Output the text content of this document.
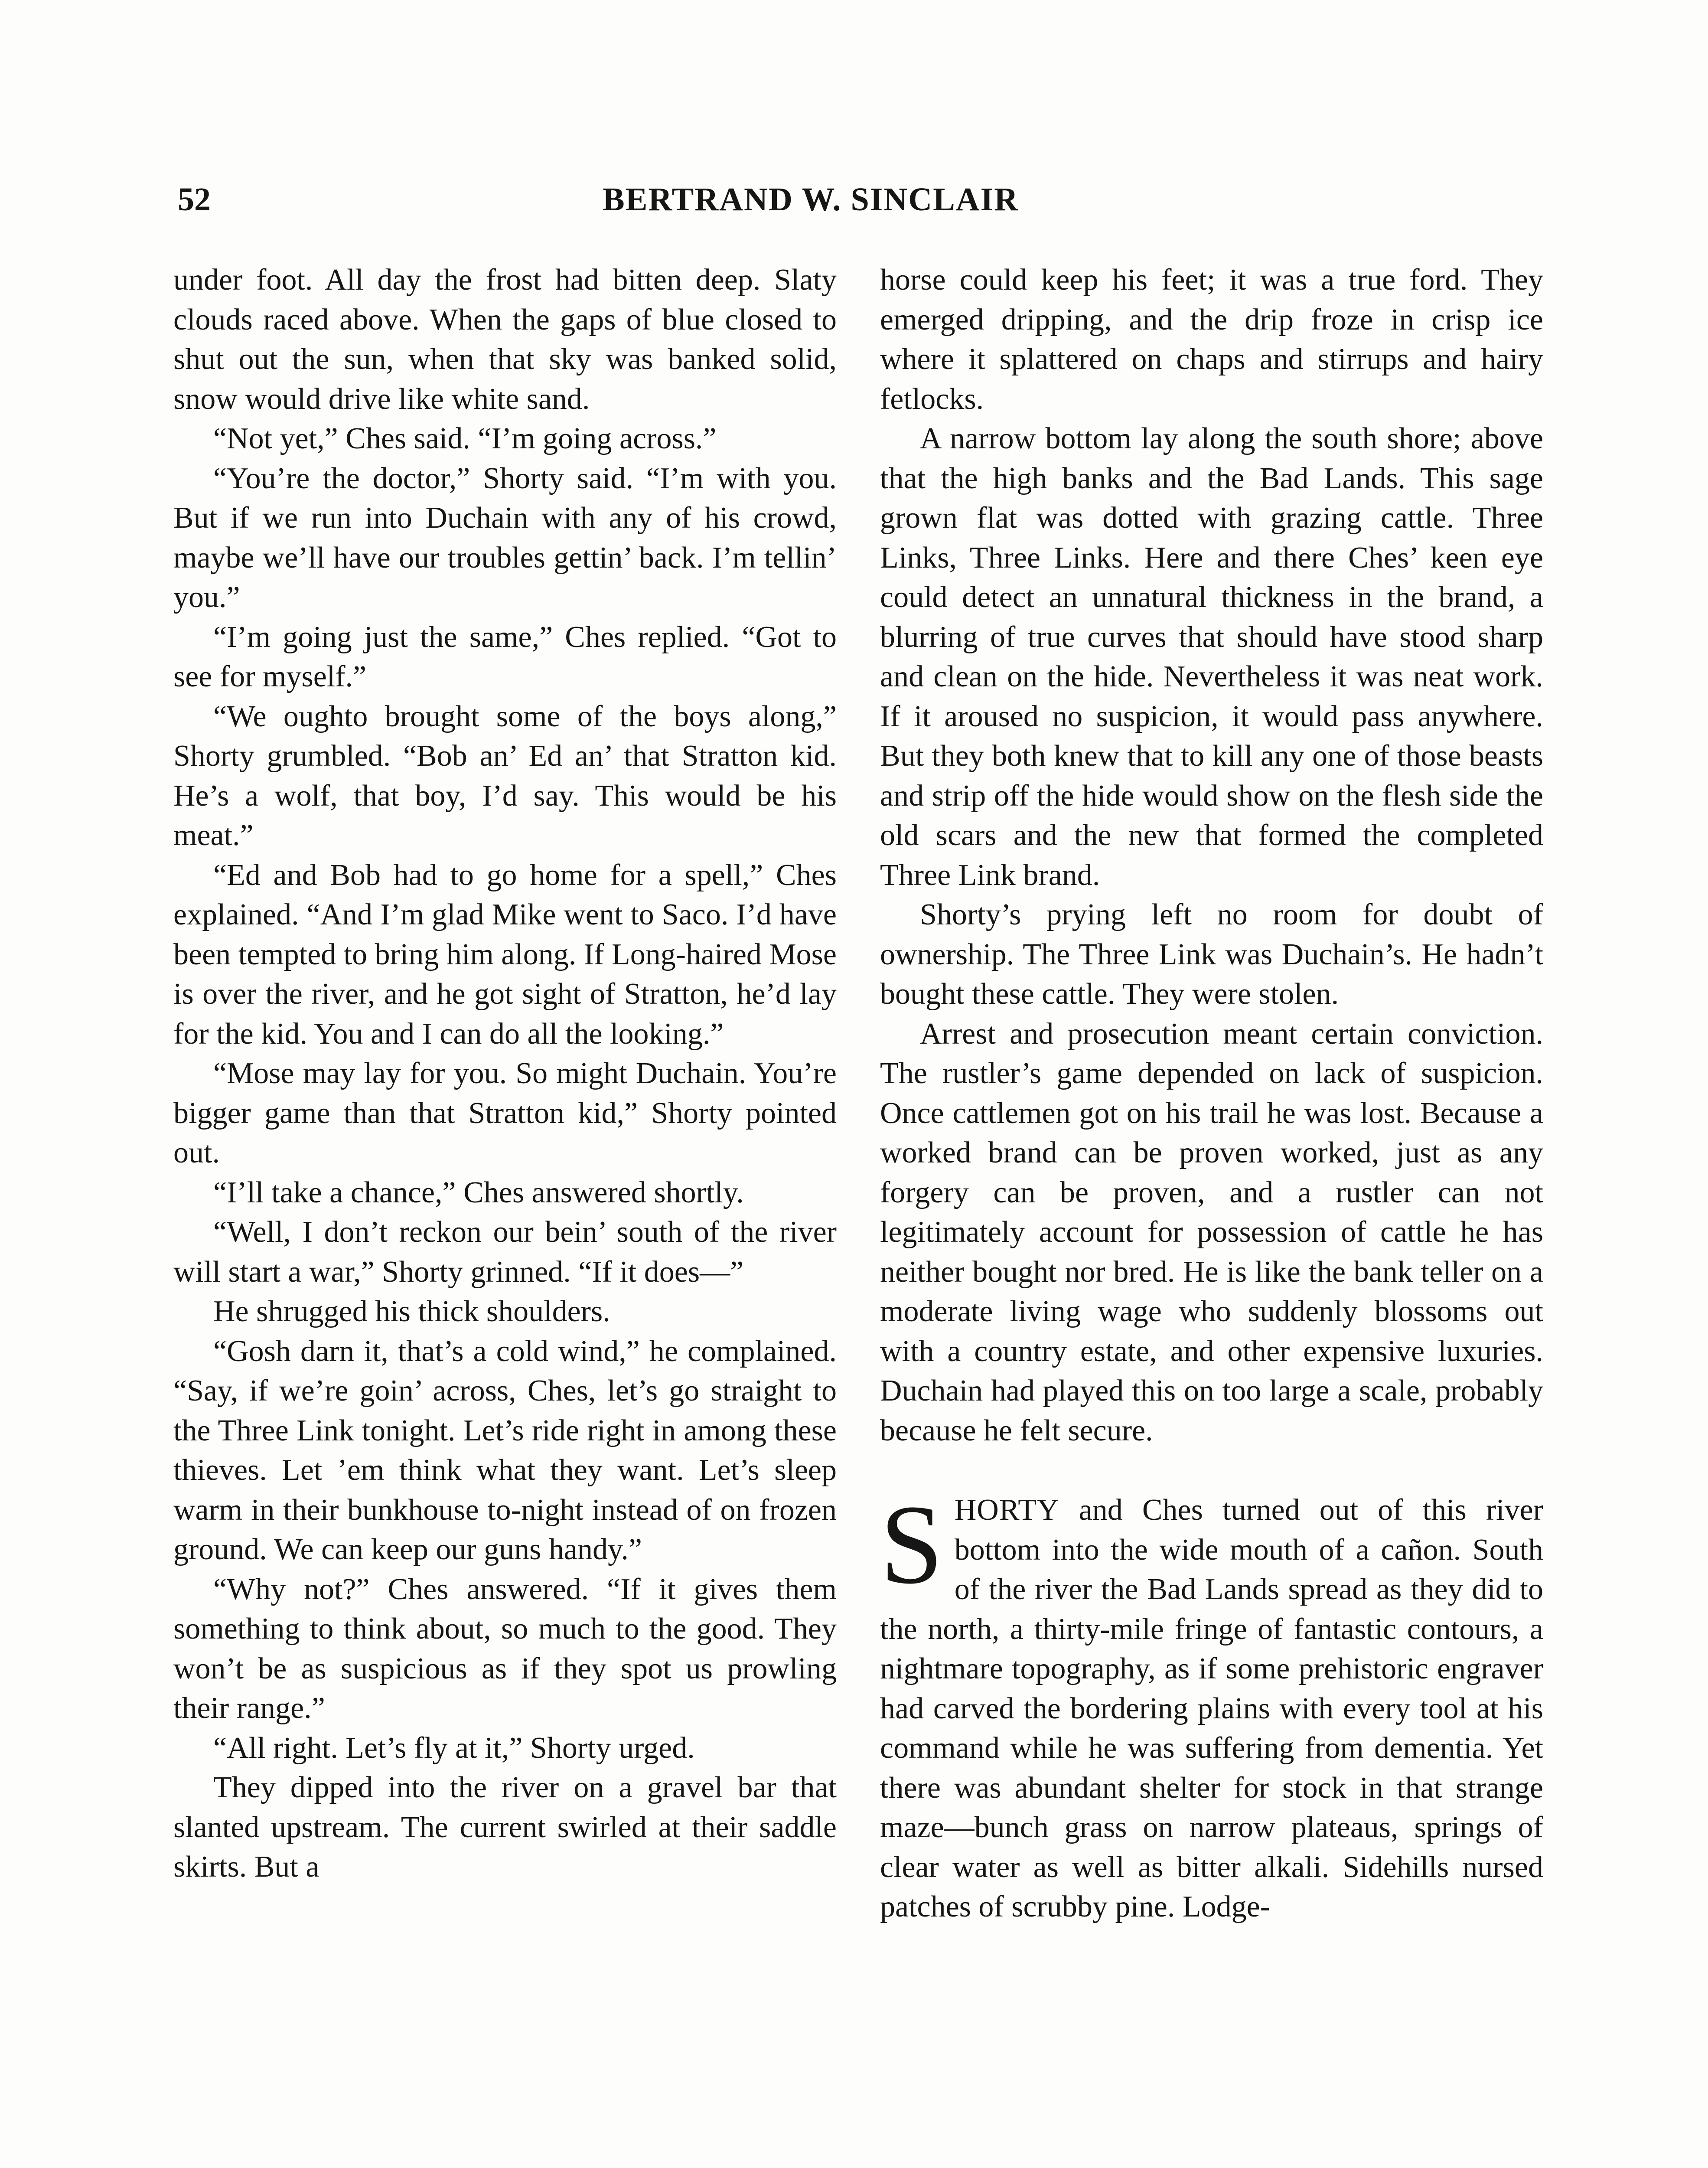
52	BERTRAND W. SINCLAIR

under foot. All day the frost had bitten deep. Slaty clouds raced above. When the gaps of blue closed to shut out the sun, when that sky was banked solid, snow would drive like white sand.

“Not yet,” Ches said. “I’m going across.”

“You’re the doctor,” Shorty said. “I’m with you. But if we run into Duchain with any of his crowd, maybe we’ll have our troubles gettin’ back. I’m tellin’ you.”

“I’m going just the same,” Ches replied. “Got to see for myself.”

“We oughto brought some of the boys along,” Shorty grumbled. “Bob an’ Ed an’ that Stratton kid. He’s a wolf, that boy, I’d say. This would be his meat.”

“Ed and Bob had to go home for a spell,” Ches explained. “And I’m glad Mike went to Saco. I’d have been tempted to bring him along. If Long-haired Mose is over the river, and he got sight of Stratton, he’d lay for the kid. You and I can do all the looking.”

“Mose may lay for you. So might Duchain. You’re bigger game than that Stratton kid,” Shorty pointed out.

“I’ll take a chance,” Ches answered shortly.

“Well, I don’t reckon our bein’ south of the river will start a war,” Shorty grinned. “If it does—”

He shrugged his thick shoulders.

“Gosh darn it, that’s a cold wind,” he complained. “Say, if we’re goin’ across, Ches, let’s go straight to the Three Link tonight. Let’s ride right in among these thieves. Let ’em think what they want. Let’s sleep warm in their bunkhouse to-night instead of on frozen ground. We can keep our guns handy.”

“Why not?” Ches answered. “If it gives them something to think about, so much to the good. They won’t be as suspicious as if they spot us prowling their range.”

“All right. Let’s fly at it,” Shorty urged.

They dipped into the river on a gravel bar that slanted upstream. The current swirled at their saddle skirts. But a

horse could keep his feet; it was a true ford. They emerged dripping, and the drip froze in crisp ice where it splattered on chaps and stirrups and hairy fetlocks.

A narrow bottom lay along the south shore; above that the high banks and the Bad Lands. This sage grown flat was dotted with grazing cattle. Three Links, Three Links. Here and there Ches’ keen eye could detect an unnatural thickness in the brand, a blurring of true curves that should have stood sharp and clean on the hide. Nevertheless it was neat work. If it aroused no suspicion, it would pass anywhere. But they both knew that to kill any one of those beasts and strip off the hide would show on the flesh side the old scars and the new that formed the completed Three Link brand.

Shorty’s prying left no room for doubt of ownership. The Three Link was Duchain’s. He hadn’t bought these cattle. They were stolen.

Arrest and prosecution meant certain conviction. The rustler’s game depended on lack of suspicion. Once cattlemen got on his trail he was lost. Because a worked brand can be proven worked, just as any forgery can be proven, and a rustler can not legitimately account for possession of cattle he has neither bought nor bred. He is like the bank teller on a moderate living wage who suddenly blossoms out with a country estate, and other expensive luxuries. Duchain had played this on too large a scale, probably because he felt secure.

SHORTY and Ches turned out of this river bottom into the wide mouth of a cañon. South of the river the Bad Lands spread as they did to the north, a thirty-mile fringe of fantastic contours, a nightmare topography, as if some prehistoric engraver had carved the bordering plains with every tool at his command while he was suffering from dementia. Yet there was abundant shelter for stock in that strange maze—bunch grass on narrow plateaus, springs of clear water as well as bitter alkali. Sidehills nursed patches of scrubby pine. Lodge-
